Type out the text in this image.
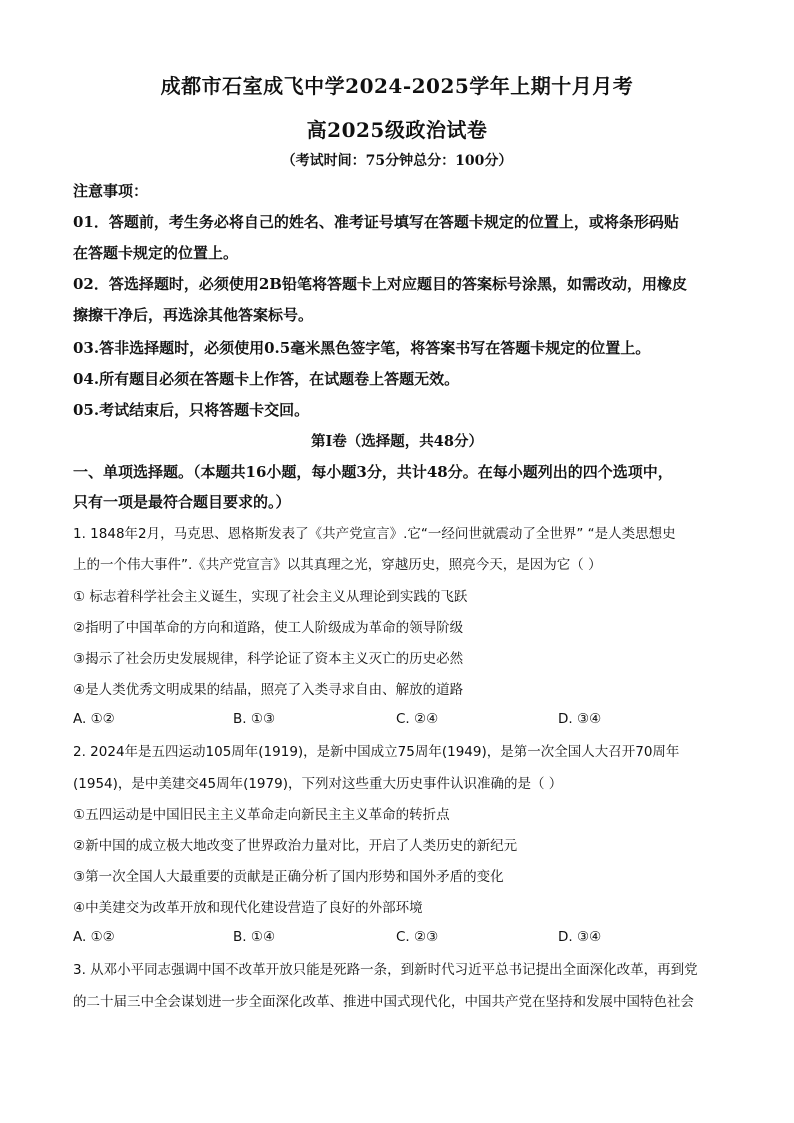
成都市石室成飞中学2024-2025学年上期十月月考
高2025级政治试卷
（考试时间：75分钟总分：100分）
注意事项：
01．答题前，考生务必将自己的姓名、准考证号填写在答题卡规定的位置上，或将条形码贴
在答题卡规定的位置上。
02．答选择题时，必须使用2B铅笔将答题卡上对应题目的答案标号涂黑，如需改动，用橡皮
擦擦干净后，再选涂其他答案标号。
03.答非选择题时，必须使用0.5毫米黑色签字笔，将答案书写在答题卡规定的位置上。
04.所有题目必须在答题卡上作答，在试题卷上答题无效。
05.考试结束后，只将答题卡交回。
第Ⅰ卷（选择题，共48分）
一、单项选择题。（本题共16小题，每小题3分，共计48分。在每小题列出的四个选项中，
只有一项是最符合题目要求的。）
1. 1848年2月，马克思、恩格斯发表了《共产党宣言》.它“一经问世就震动了全世界” “是人类思想史
上的一个伟大事件”.《共产党宣言》以其真理之光，穿越历史，照亮今天，是因为它（ ）
① 标志着科学社会主义诞生，实现了社会主义从理论到实践的飞跃
②指明了中国革命的方向和道路，使工人阶级成为革命的领导阶级
③揭示了社会历史发展规律，科学论证了资本主义灭亡的历史必然
④是人类优秀文明成果的结晶，照亮了入类寻求自由、解放的道路
A. ①②	B. ①③	C. ②④	D. ③④
2. 2024年是五四运动105周年(1919)，是新中国成立75周年(1949)，是第一次全国人大召开70周年
(1954)，是中美建交45周年(1979)，下列对这些重大历史事件认识准确的是（ ）
①五四运动是中国旧民主主义革命走向新民主主义革命的转折点
②新中国的成立极大地改变了世界政治力量对比，开启了人类历史的新纪元
③第一次全国人大最重要的贡献是正确分析了国内形势和国外矛盾的变化
④中美建交为改革开放和现代化建设营造了良好的外部环境
A. ①②	B. ①④	C. ②③	D. ③④
3. 从邓小平同志强调中国不改革开放只能是死路一条，到新时代习近平总书记提出全面深化改革，再到党
的二十届三中全会谋划进一步全面深化改革、推进中国式现代化，中国共产党在坚持和发展中国特色社会
